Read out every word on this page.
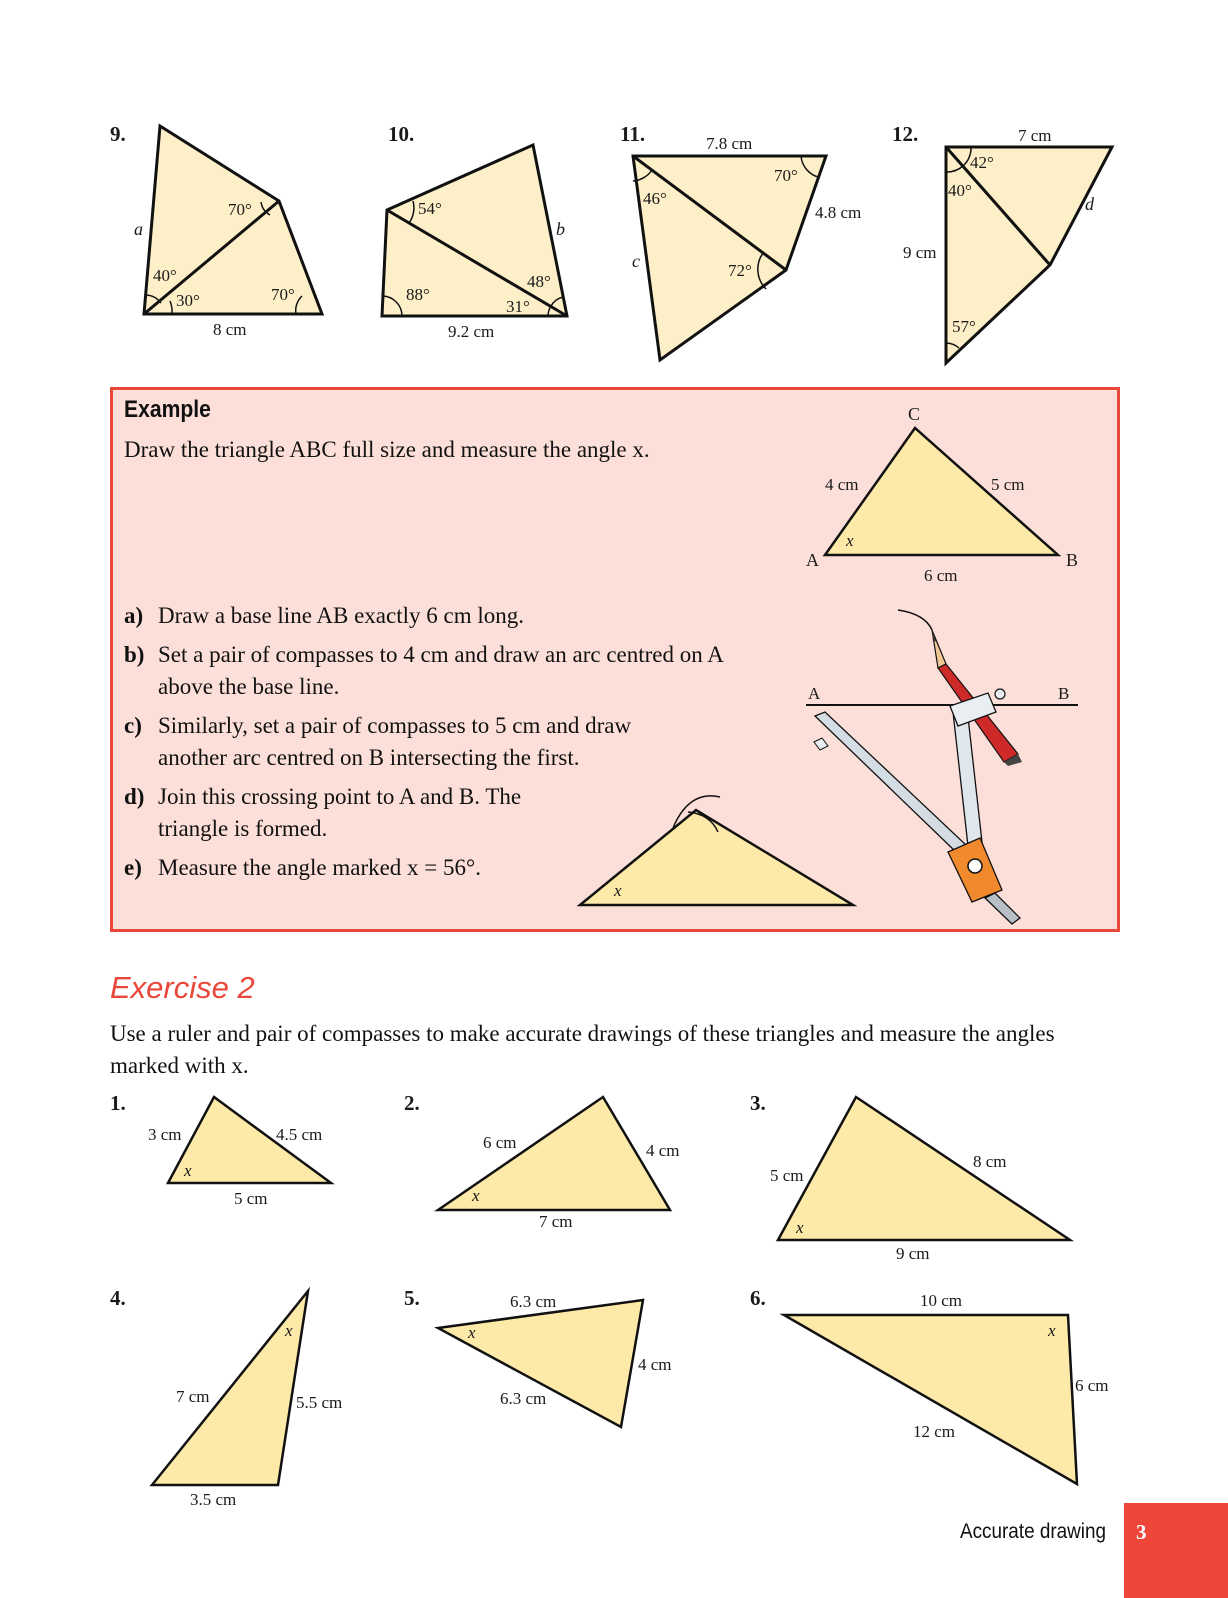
9.
a
70°
40°
30°	70°
8 cm
10.
54°
b
88°
48°
31°
9.2 cm
11.	7.8 cm
70°
46°
4.8 cm
c	72°
12.	7 cm
42°
40°
d
9 cm
57°
C
4 cm	5 cm
x
A	B
6 cm
A	B
x
1.
3 cm	4.5 cm
x
5 cm
2.
6 cm	4 cm
x
7 cm
3.
5 cm
8 cm
x
9 cm
4.
x
7 cm	5.5 cm
3.5 cm
5.	6.3 cm
x
4 cm
6.3 cm
6.	10 cm
x
6 cm
12 cm
Example
Draw the triangle ABC full size and measure the angle x.
a) Draw a base line AB exactly 6 cm long.
b) Set a pair of compasses to 4 cm and draw an arc centred on A above the base line.
c) Similarly, set a pair of compasses to 5 cm and draw another arc centred on B intersecting the first.
d) Join this crossing point to A and B. The triangle is formed.
e) Measure the angle marked x = 56°.
Exercise 2
Use a ruler and pair of compasses to make accurate drawings of these triangles and measure the angles marked with x.
Accurate drawing 3
